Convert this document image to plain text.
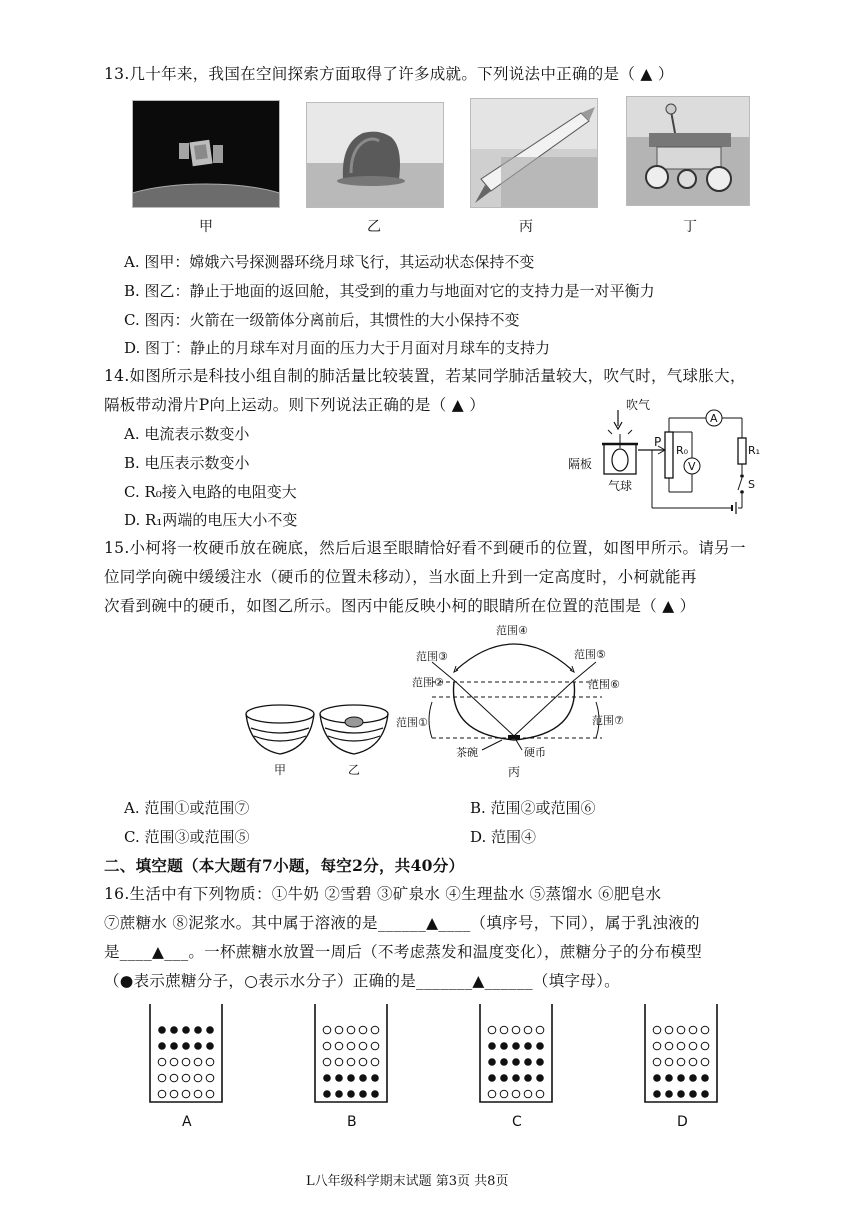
13.几十年来，我国在空间探索方面取得了许多成就。下列说法中正确的是（ ▲ ）
甲	乙	丙	丁
A. 图甲：嫦娥六号探测器环绕月球飞行，其运动状态保持不变
B. 图乙：静止于地面的返回舱，其受到的重力与地面对它的支持力是一对平衡力
C. 图丙：火箭在一级箭体分离前后，其惯性的大小保持不变
D. 图丁：静止的月球车对月面的压力大于月面对月球车的支持力
14.如图所示是科技小组自制的肺活量比较装置，若某同学肺活量较大，吹气时，气球胀大，
隔板带动滑片P向上运动。则下列说法正确的是（ ▲ ）
A. 电流表示数变小
B. 电压表示数变小
C. R₀接入电路的电阻变大
D. R₁两端的电压大小不变
吹气
隔板
气球
P
R₀
A
V
R₁
S
15.小柯将一枚硬币放在碗底，然后后退至眼睛恰好看不到硬币的位置，如图甲所示。请另一
位同学向碗中缓缓注水（硬币的位置未移动），当水面上升到一定高度时，小柯就能再
次看到碗中的硬币，如图乙所示。图丙中能反映小柯的眼睛所在位置的范围是（ ▲ ）
甲	乙
范围④
范围③
范围②
范围①
范围⑤
范围⑥
范围⑦
茶碗	硬币
丙
A. 范围①或范围⑦	B. 范围②或范围⑥
C. 范围③或范围⑤	D. 范围④
二、填空题（本大题有7小题，每空2分，共40分）
16.生活中有下列物质：①牛奶 ②雪碧 ③矿泉水 ④生理盐水 ⑤蒸馏水 ⑥肥皂水
⑦蔗糖水 ⑧泥浆水。其中属于溶液的是______▲____（填序号，下同），属于乳浊液的
是____▲___。一杯蔗糖水放置一周后（不考虑蒸发和温度变化），蔗糖分子的分布模型
（●表示蔗糖分子，○表示水分子）正确的是_______▲______（填字母）。
A	B	C	D
L八年级科学期末试题 第3页 共8页
